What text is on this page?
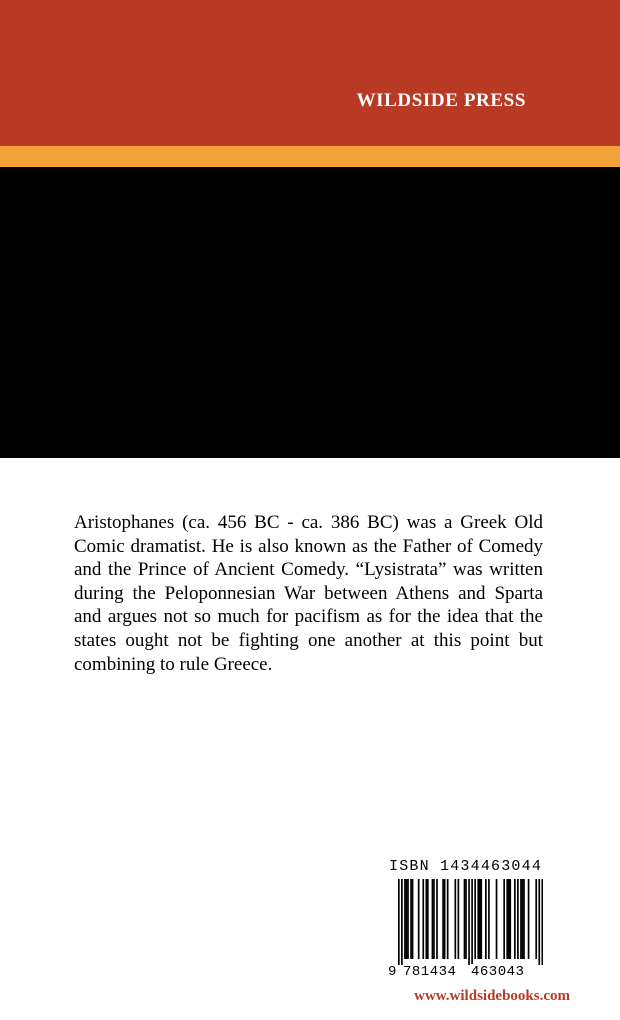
WILDSIDE PRESS

Aristophanes (ca. 456 BC - ca. 386 BC) was a Greek Old Comic dramatist. He is also known as the Father of Comedy and the Prince of Ancient Comedy. “Lysistrata” was written during the Peloponnesian War between Athens and Sparta and argues not so much for pacifism as for the idea that the states ought not be fighting one another at this point but combining to rule Greece.

ISBN 1434463044
9 781434 463043
www.wildsidebooks.com
